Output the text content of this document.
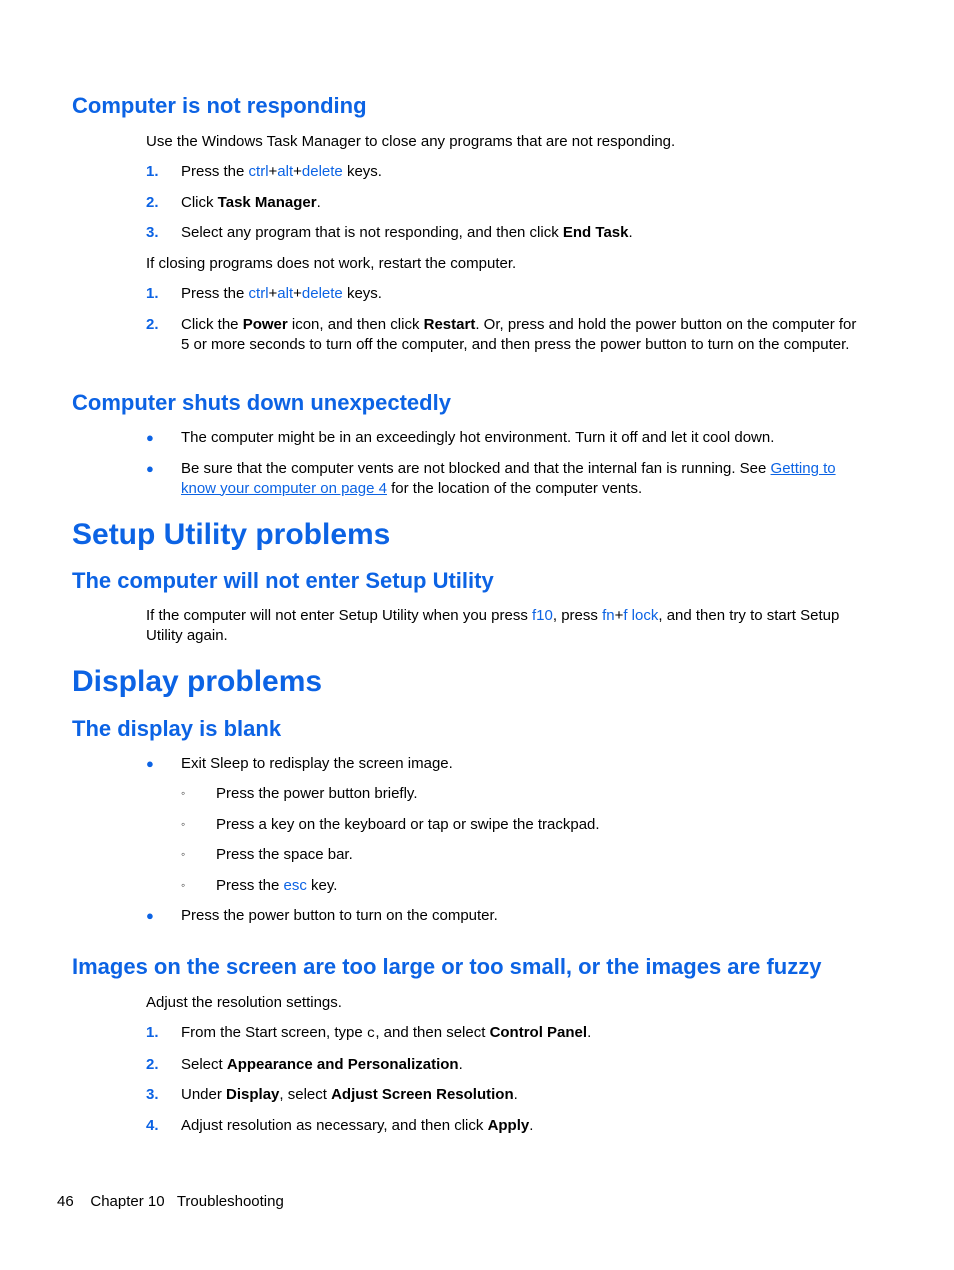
Computer is not responding
Use the Windows Task Manager to close any programs that are not responding.
1. Press the ctrl+alt+delete keys.
2. Click Task Manager.
3. Select any program that is not responding, and then click End Task.
If closing programs does not work, restart the computer.
1. Press the ctrl+alt+delete keys.
2. Click the Power icon, and then click Restart. Or, press and hold the power button on the computer for 5 or more seconds to turn off the computer, and then press the power button to turn on the computer.
Computer shuts down unexpectedly
● The computer might be in an exceedingly hot environment. Turn it off and let it cool down.
● Be sure that the computer vents are not blocked and that the internal fan is running. See Getting to know your computer on page 4 for the location of the computer vents.
Setup Utility problems
The computer will not enter Setup Utility
If the computer will not enter Setup Utility when you press f10, press fn+f lock, and then try to start Setup Utility again.
Display problems
The display is blank
● Exit Sleep to redisplay the screen image.
◦ Press the power button briefly.
◦ Press a key on the keyboard or tap or swipe the trackpad.
◦ Press the space bar.
◦ Press the esc key.
● Press the power button to turn on the computer.
Images on the screen are too large or too small, or the images are fuzzy
Adjust the resolution settings.
1. From the Start screen, type c, and then select Control Panel.
2. Select Appearance and Personalization.
3. Under Display, select Adjust Screen Resolution.
4. Adjust resolution as necessary, and then click Apply.
46 Chapter 10 Troubleshooting
